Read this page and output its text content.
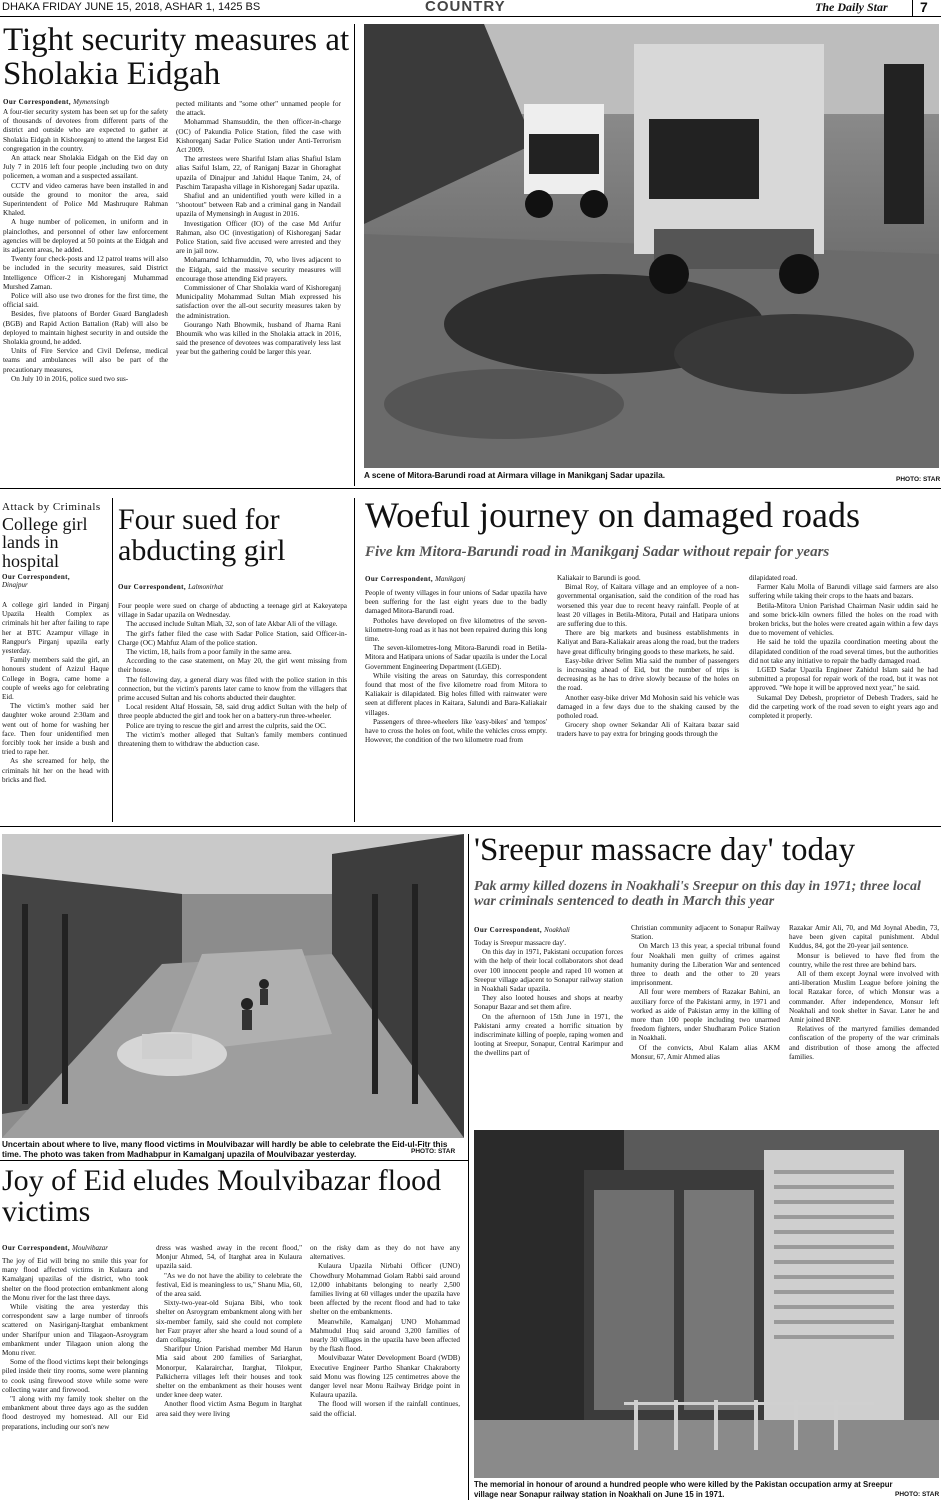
DHAKA FRIDAY JUNE 15, 2018, ASHAR 1, 1425 BS	COUNTRY	The Daily Star 7
Tight security measures at Sholakia Eidgah
Our Correspondent, Mymensingh

A four-tier security system has been set up for the safety of thousands of devotees from different parts of the district and outside who are expected to gather at Sholakia Eidgah in Kishoreganj to attend the largest Eid congregation in the country.

An attack near Sholakia Eidgah on the Eid day on July 7 in 2016 left four people ,including two on duty policemen, a woman and a suspected assailant.

CCTV and video cameras have been installed in and outside the ground to monitor the area, said Superintendent of Police Md Mashruqure Rahman Khaled.

A huge number of policemen, in uniform and in plainclothes, and personnel of other law enforcement agencies will be deployed at 50 points at the Eidgah and its adjacent areas, he added.

Twenty four check-posts and 12 patrol teams will also be included in the security measures, said District Intelligence Officer-2 in Kishoreganj Muhammad Murshed Zaman.

Police will also use two drones for the first time, the official said.

Besides, five platoons of Border Guard Bangladesh (BGB) and Rapid Action Battalion (Rab) will also be deployed to maintain highest security in and outside the Sholakia ground, he added.

Units of Fire Service and Civil Defense, medical teams and ambulances will also be part of the precautionary measures,

On July 10 in 2016, police sued two sus-

pected militants and "some other" unnamed people for the attack.

Mohammad Shamsuddin, the then officer-in-charge (OC) of Pakundia Police Station, filed the case with Kishoreganj Sadar Police Station under Anti-Terrorism Act 2009.

The arrestees were Shariful Islam alias Shafiul Islam alias Saiful Islam, 22, of Raniganj Bazar in Ghoraghat upazila of Dinajpur and Jahidul Haque Tanim, 24, of Paschim Tarapasha village in Kishoreganj Sadar upazila.

Shafiul and an unidentified youth were killed in a "shootout" between Rab and a criminal gang in Nandail upazila of Mymensingh in August in 2016.

Investigation Officer (IO) of the case Md Arifur Rahman, also OC (investigation) of Kishoreganj Sadar Police Station, said five accused were arrested and they are in jail now.

Mohamamd Ichhamuddin, 70, who lives adjacent to the Eidgah, said the massive security measures will encourage those attending Eid prayers.

Commissioner of Char Sholakia ward of Kishoreganj Municipality Mohammad Sultan Miah expressed his satisfaction over the all-out security measures taken by the administration.

Gourango Nath Bhowmik, husband of Jharna Rani Bhoumik who was killed in the Sholakia attack in 2016, said the presence of devotees was comparatively less last year but the gathering could be larger this year.

A scene of Mitora-Barundi road at Airmara village in Manikganj Sadar upazila.	PHOTO: STAR
Attack by Criminals
College girl lands in hospital
Our Correspondent,
Dinajpur

A college girl landed in Pirganj Upazila Health Complex as criminals hit her after failing to rape her at BTC Azampur village in Rangpur's Pirganj upazila early yesterday.

Family members said the girl, an honours student of Azizul Haque College in Bogra, came home a couple of weeks ago for celebrating Eid.

The victim's mother said her daughter woke around 2:30am and went out of home for washing her face. Then four unidentified men forcibly took her inside a bush and tried to rape her.

As she screamed for help, the criminals hit her on the head with bricks and fled.

Four sued for abducting girl
Our Correspondent, Lalmonirhat

Four people were sued on charge of abducting a teenage girl at Kakeyatepa village in Sadar upazila on Wednesday.

The accused include Sultan Miah, 32, son of late Akbar Ali of the village.

The girl's father filed the case with Sadar Police Station, said Officer-in-Charge (OC) Mahfuz Alam of the police station.

The victim, 18, hails from a poor family in the same area.

According to the case statement, on May 20, the girl went missing from their house.

The following day, a general diary was filed with the police station in this connection, but the victim's parents later came to know from the villagers that prime accused Sultan and his cohorts abducted their daughter.

Local resident Altaf Hossain, 58, said drug addict Sultan with the help of three people abducted the girl and took her on a battery-run three-wheeler.

Police are trying to rescue the girl and arrest the culprits, said the OC.

The victim's mother alleged that Sultan's family members continued threatening them to withdraw the abduction case.

Woeful journey on damaged roads
Five km Mitora-Barundi road in Manikganj Sadar without repair for years
Our Correspondent, Manikganj

People of twenty villages in four unions of Sadar upazila have been suffering for the last eight years due to the badly damaged Mitora-Barundi road.

Potholes have developed on five kilometres of the seven-kilometre-long road as it has not been repaired during this long time.

The seven-kilometres-long Mitora-Barundi road in Betila-Mitora and Hatipara unions of Sadar upazila is under the Local Government Engineering Department (LGED).

While visiting the areas on Saturday, this correspondent found that most of the five kilometre road from Mitora to Kaliakair is dilapidated. Big holes filled with rainwater were seen at different places in Kaitara, Salundi and Bara-Kaliakair villages.

Passengers of three-wheelers like 'easy-bikes' and 'tempos' have to cross the holes on foot, while the vehicles cross empty. However, the condition of the two kilometre road from

Kaliakair to Barundi is good.

Bimal Roy, of Kaitara village and an employee of a non-governmental organisation, said the condition of the road has worsened this year due to recent heavy rainfall. People of at least 20 villages in Betila-Mitora, Putail and Hatipara unions are suffering due to this.

There are big markets and business establishments in Kaliyat and Bara-Kaliakair areas along the road, but the traders have great difficulty bringing goods to these markets, he said.

Easy-bike driver Selim Mia said the number of passengers is increasing ahead of Eid, but the number of trips is decreasing as he has to drive slowly because of the holes on the road.

Another easy-bike driver Md Mohosin said his vehicle was damaged in a few days due to the shaking caused by the potholed road.

Grocery shop owner Sekandar Ali of Kaitara bazar said traders have to pay extra for bringing goods through the

dilapidated road.

Farmer Kalu Molla of Barundi village said farmers are also suffering while taking their crops to the haats and bazars.

Betila-Mitora Union Parishad Chairman Nasir uddin said he and some brick-kiln owners filled the holes on the road with broken bricks, but the holes were created again within a few days due to movement of vehicles.

He said he told the upazila coordination meeting about the dilapidated condition of the road several times, but the authorities did not take any initiative to repair the badly damaged road.

LGED Sadar Upazila Engineer Zahidul Islam said he had submitted a proposal for repair work of the road, but it was not approved. "We hope it will be approved next year," he said.

Sukamal Dey Debesh, proprietor of Debesh Traders, said he did the carpeting work of the road seven to eight years ago and completed it properly.

Uncertain about where to live, many flood victims in Moulvibazar will hardly be able to celebrate the Eid-ul-Fitr this time. The photo was taken from Madhabpur in Kamalganj upazila of Moulvibazar yesterday.	PHOTO: STAR
'Sreepur massacre day' today
Pak army killed dozens in Noakhali's Sreepur on this day in 1971; three local war criminals sentenced to death in March this year
Our Correspondent, Noakhali

Today is Sreepur massacre day'.

On this day in 1971, Pakistani occupation forces with the help of their local collaborators shot dead over 100 innocent people and raped 10 women at Sreepur village adjacent to Sonapur railway station in Noakhali Sadar upazila.

They also looted houses and shops at nearby Sonapur Bazar and set them afire.

On the afternoon of 15th June in 1971, the Pakistani army created a horrific situation by indiscriminate killing of poeple, raping women and looting at Sreepur, Sonapur, Central Karimpur and the dwellins part of

Christian community adjacent to Sonapur Railway Station.

On March 13 this year, a special tribunal found four Noakhali men guilty of crimes against humanity during the Liberation War and sentenced three to death and the other to 20 years imprisonment.

All four were members of Razakar Bahini, an auxiliary force of the Pakistani army, in 1971 and worked as aide of Pakistan army in the killing of more than 100 people including two unarmed freedom fighters, under Shudharam Police Station in Noakhali.

Of the convicts, Abul Kalam alias AKM Monsur, 67, Amir Ahmed alias

Razakar Amir Ali, 70, and Md Joynal Abedin, 73, have been given capital punishment. Abdul Kuddus, 84, got the 20-year jail sentence.

Monsur is believed to have fled from the country, while the rest three are behind bars.

All of them except Joynal were involved with anti-liberation Muslim League before joining the local Razakar force, of which Monsur was a commander. After independence, Monsur left Noakhali and took shelter in Savar. Later he and Amir joined BNP.

Relatives of the martyred families demanded confiscation of the property of the war criminals and distribution of those among the affected families.

The memorial in honour of around a hundred people who were killed by the Pakistan occupation army at Sreepur village near Sonapur railway station in Noakhali on June 15 in 1971.	PHOTO: STAR
Joy of Eid eludes Moulvibazar flood victims
Our Correspondent, Moulvibazar

The joy of Eid will bring no smile this year for many flood affected victims in Kulaura and Kamalganj upazilas of the district, who took shelter on the flood protection embankment along the Monu river for the last three days.

While visiting the area yesterday this correspondent saw a large number of tinroofs scattered on Nasiriganj-Itarghat embankment under Sharifpur union and Tilagaon-Asroygram embankment under Tilagaon union along the Monu river.

Some of the flood victims kept their belongings piled inside their tiny rooms, some were planning to cook using firewood stove while some were collecting water and firewood.

"I along with my family took shelter on the embankment about three days ago as the sudden flood destroyed my homestead. All our Eid preparations, including our son's new

dress was washed away in the recent flood," Monjur Ahmed, 54, of Itarghat area in Kulaura upazila said.

"As we do not have the ability to celebrate the festival, Eid is meaningless to us," Shanu Mia, 60, of the area said.

Sixty-two-year-old Sujana Bibi, who took shelter on Asroygram embankment along with her six-member family, said she could not complete her Fazr prayer after she heard a loud sound of a dam collapsing.

Sharifpur Union Parishad member Md Harun Mia said about 200 families of Sariarghat, Monorpur, Kalarairchar, Itarghat, Tilokpur, Palkicherra villages left their houses and took shelter on the embankment as their houses went under knee deep water.

Another flood victim Asma Begum in Itarghat area said they were living

on the risky dam as they do not have any alternatives.

Kulaura Upazila Nirbahi Officer (UNO) Chowdhury Mohammad Golam Rabbi said around 12,000 inhabitants belonging to nearly 2,500 families living at 60 villages under the upazila have been affected by the recent flood and had to take shelter on the embankments.

Meanwhile, Kamalganj UNO Mohammad Mahmudul Huq said around 3,200 families of nearly 30 villages in the upazila have been affected by the flash flood.

Moulvibazar Water Development Board (WDB) Executive Engineer Partho Shankar Chakraborty said Monu was flowing 125 centimetres above the danger level near Monu Railway Bridge point in Kulaura upazila.

The flood will worsen if the rainfall continues, said the official.
